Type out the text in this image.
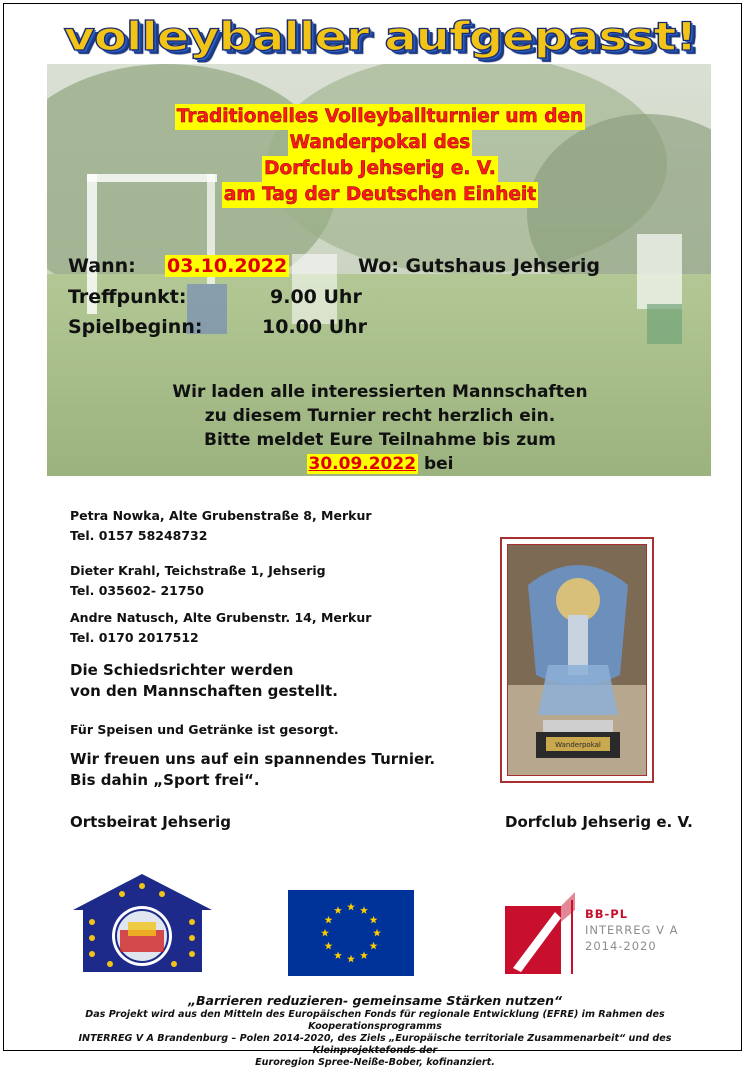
volleyballer aufgepasst!
Traditionelles Volleyballturnier um den
Wanderpokal des
Dorfclub Jehserig e. V.
am Tag der Deutschen Einheit
Wann: 03.10.2022	Wo: Gutshaus Jehserig
Treffpunkt:	9.00 Uhr
Spielbeginn:	10.00 Uhr
Wir laden alle interessierten Mannschaften
zu diesem Turnier recht herzlich ein.
Bitte meldet Eure Teilnahme bis zum
30.09.2022 bei
Petra Nowka, Alte Grubenstraße 8, Merkur
Tel. 0157 58248732
Dieter Krahl, Teichstraße 1, Jehserig
Tel. 035602- 21750
Andre Natusch, Alte Grubenstr. 14, Merkur
Tel. 0170 2017512
Die Schiedsrichter werden
von den Mannschaften gestellt.
Für Speisen und Getränke ist gesorgt.
Wir freuen uns auf ein spannendes Turnier.
Bis dahin „Sport frei“.
Wanderpokal
Ortsbeirat Jehserig	Dorfclub Jehserig e. V.
BB-PL
INTERREG V A
2014-2020
„Barrieren reduzieren- gemeinsame Stärken nutzen“
Das Projekt wird aus den Mitteln des Europäischen Fonds für regionale Entwicklung (EFRE) im Rahmen des Kooperationsprogramms
INTERREG V A Brandenburg – Polen 2014-2020, des Ziels „Europäische territoriale Zusammenarbeit“ und des Kleinprojektefonds der
Euroregion Spree-Neiße-Bober, kofinanziert.
